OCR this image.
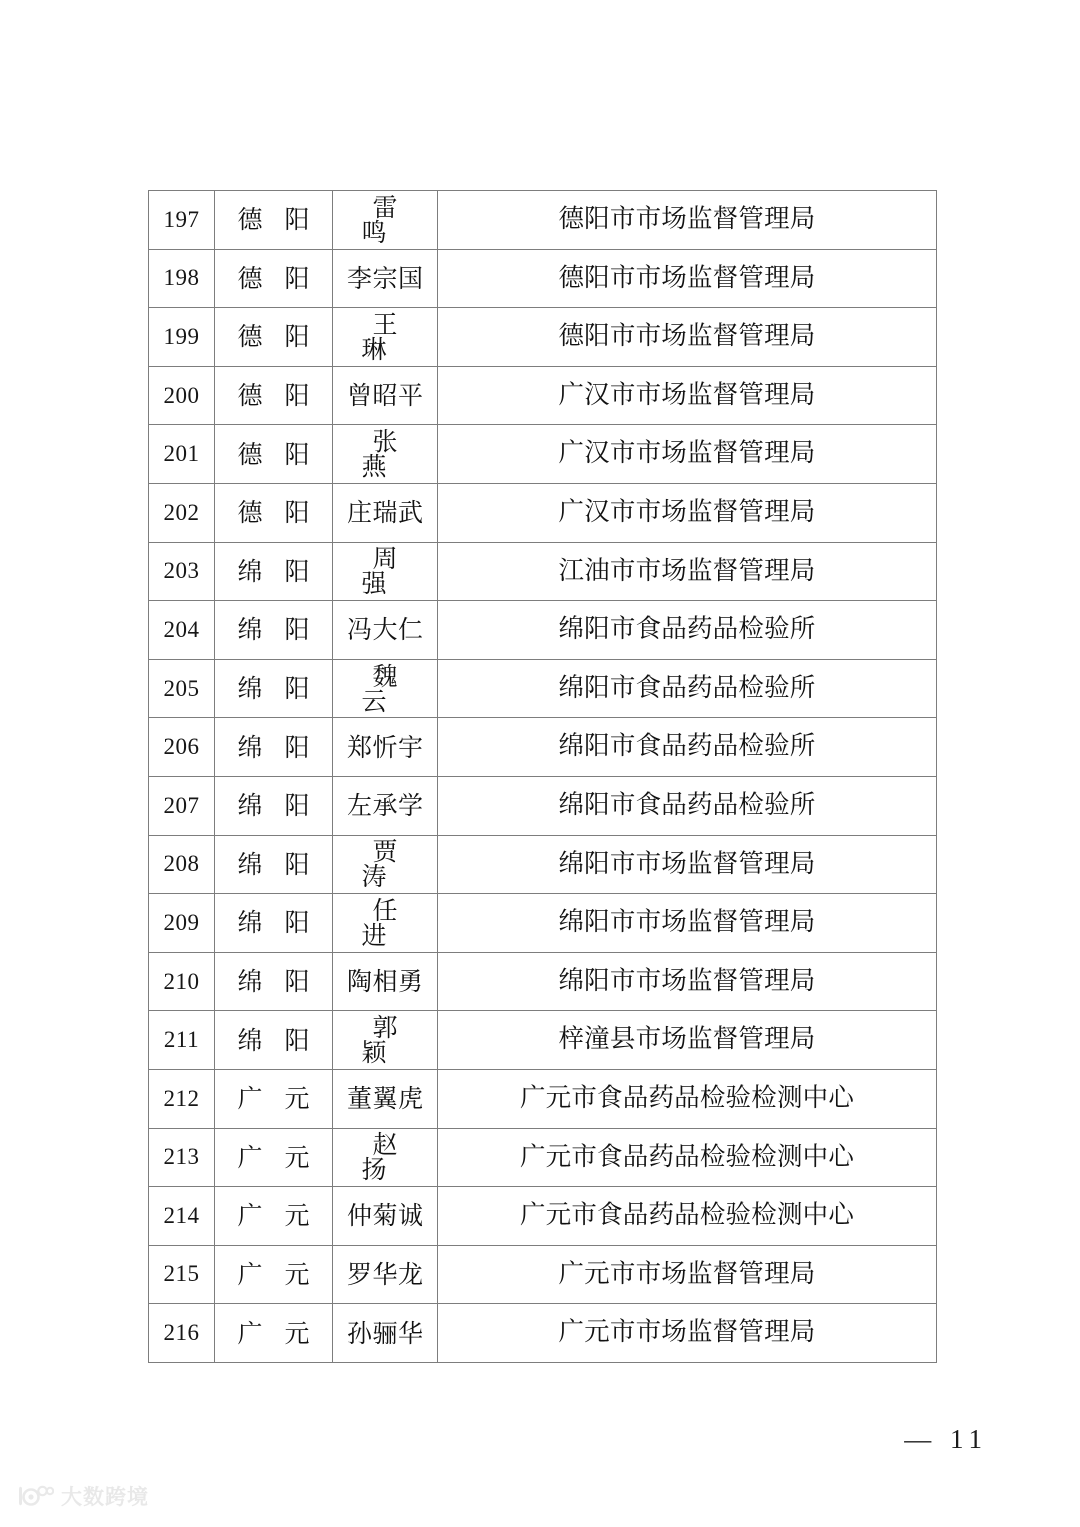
197	德阳	雷鸣	德阳市市场监督管理局
198	德阳	李宗国	德阳市市场监督管理局
199	德阳	王琳	德阳市市场监督管理局
200	德阳	曾昭平	广汉市市场监督管理局
201	德阳	张燕	广汉市市场监督管理局
202	德阳	庄瑞武	广汉市市场监督管理局
203	绵阳	周强	江油市市场监督管理局
204	绵阳	冯大仁	绵阳市食品药品检验所
205	绵阳	魏云	绵阳市食品药品检验所
206	绵阳	郑忻宇	绵阳市食品药品检验所
207	绵阳	左承学	绵阳市食品药品检验所
208	绵阳	贾涛	绵阳市市场监督管理局
209	绵阳	任进	绵阳市市场监督管理局
210	绵阳	陶相勇	绵阳市市场监督管理局
211	绵阳	郭颖	梓潼县市场监督管理局
212	广元	董翼虎	广元市食品药品检验检测中心
213	广元	赵扬	广元市食品药品检验检测中心
214	广元	仲菊诚	广元市食品药品检验检测中心
215	广元	罗华龙	广元市市场监督管理局
216	广元	孙骊华	广元市市场监督管理局
— 11
大数跨境
